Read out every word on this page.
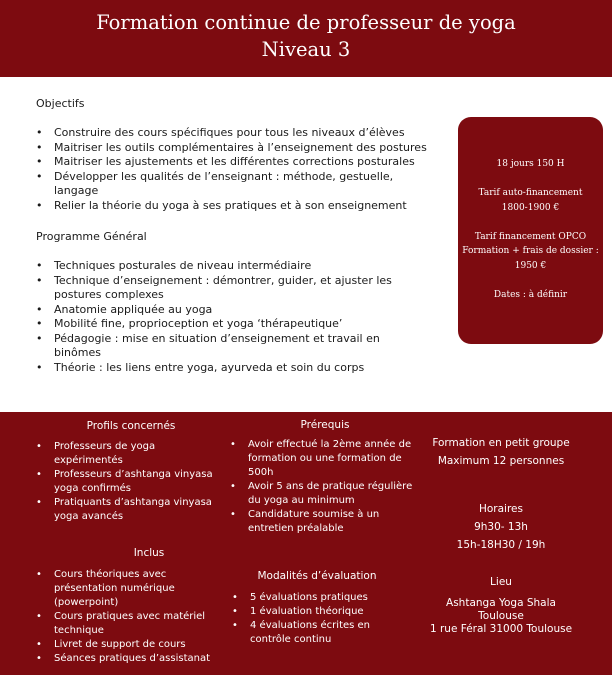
Formation continue de professeur de yoga
Niveau 3
Objectifs
• Construire des cours spécifiques pour tous les niveaux d’élèves
• Maitriser les outils complémentaires à l’enseignement des postures
• Maitriser les ajustements et les différentes corrections posturales
• Développer les qualités de l’enseignant : méthode, gestuelle, langage
• Relier la théorie du yoga à ses pratiques et à son enseignement
Programme Général
• Techniques posturales de niveau intermédiaire
• Technique d’enseignement : démontrer, guider, et ajuster les postures complexes
• Anatomie appliquée au yoga
• Mobilité fine, proprioception et yoga ‘thérapeutique’
• Pédagogie : mise en situation d’enseignement et travail en binômes
• Théorie : les liens entre yoga, ayurveda et soin du corps
18 jours 150 H
Tarif auto-financement
1800-1900 €
Tarif financement OPCO
Formation + frais de dossier :
1950 €
Dates : à définir
Profils concernés
• Professeurs de yoga expérimentés
• Professeurs d’ashtanga vinyasa yoga confirmés
• Pratiquants d’ashtanga vinyasa yoga avancés
Prérequis
• Avoir effectué la 2ème année de formation ou une formation de 500h
• Avoir 5 ans de pratique régulière du yoga au minimum
• Candidature soumise à un entretien préalable
Inclus
• Cours théoriques avec présentation numérique (powerpoint)
• Cours pratiques avec matériel technique
• Livret de support de cours
• Séances pratiques d’assistanat
Modalités d’évaluation
• 5 évaluations pratiques
• 1 évaluation théorique
• 4 évaluations écrites en contrôle continu
Formation en petit groupe
Maximum 12 personnes
Horaires
9h30- 13h
15h-18H30 / 19h
Lieu
Ashtanga Yoga Shala
Toulouse
1 rue Féral 31000 Toulouse
